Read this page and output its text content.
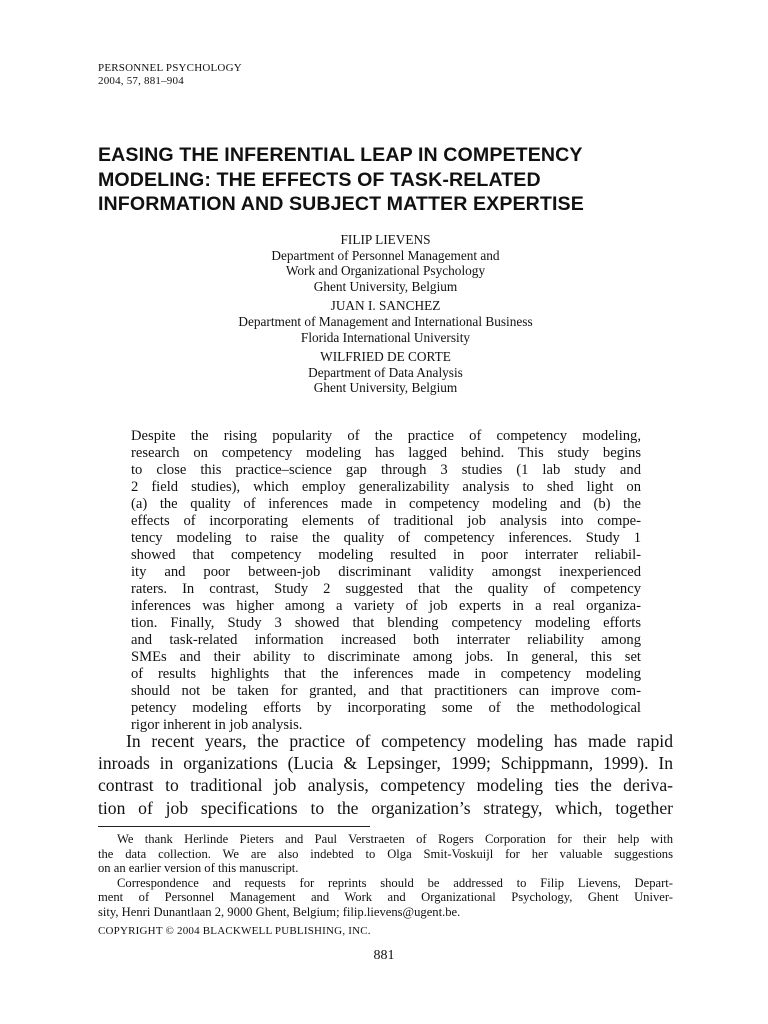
PERSONNEL PSYCHOLOGY
2004, 57, 881–904
EASING THE INFERENTIAL LEAP IN COMPETENCY
MODELING: THE EFFECTS OF TASK-RELATED
INFORMATION AND SUBJECT MATTER EXPERTISE
FILIP LIEVENS
Department of Personnel Management and
Work and Organizational Psychology
Ghent University, Belgium
JUAN I. SANCHEZ
Department of Management and International Business
Florida International University
WILFRIED DE CORTE
Department of Data Analysis
Ghent University, Belgium

Despite the rising popularity of the practice of competency modeling,
research on competency modeling has lagged behind. This study begins
to close this practice–science gap through 3 studies (1 lab study and
2 field studies), which employ generalizability analysis to shed light on
(a) the quality of inferences made in competency modeling and (b) the
effects of incorporating elements of traditional job analysis into compe-
tency modeling to raise the quality of competency inferences. Study 1
showed that competency modeling resulted in poor interrater reliabil-
ity and poor between-job discriminant validity amongst inexperienced
raters. In contrast, Study 2 suggested that the quality of competency
inferences was higher among a variety of job experts in a real organiza-
tion. Finally, Study 3 showed that blending competency modeling efforts
and task-related information increased both interrater reliability among
SMEs and their ability to discriminate among jobs. In general, this set
of results highlights that the inferences made in competency modeling
should not be taken for granted, and that practitioners can improve com-
petency modeling efforts by incorporating some of the methodological
rigor inherent in job analysis.

In recent years, the practice of competency modeling has made rapid
inroads in organizations (Lucia & Lepsinger, 1999; Schippmann, 1999). In
contrast to traditional job analysis, competency modeling ties the deriva-
tion of job specifications to the organization’s strategy, which, together

We thank Herlinde Pieters and Paul Verstraeten of Rogers Corporation for their help with
the data collection. We are also indebted to Olga Smit-Voskuijl for her valuable suggestions
on an earlier version of this manuscript.

Correspondence and requests for reprints should be addressed to Filip Lievens, Depart-
ment of Personnel Management and Work and Organizational Psychology, Ghent Univer-
sity, Henri Dunantlaan 2, 9000 Ghent, Belgium; filip.lievens@ugent.be.

COPYRIGHT © 2004 BLACKWELL PUBLISHING, INC.
881
